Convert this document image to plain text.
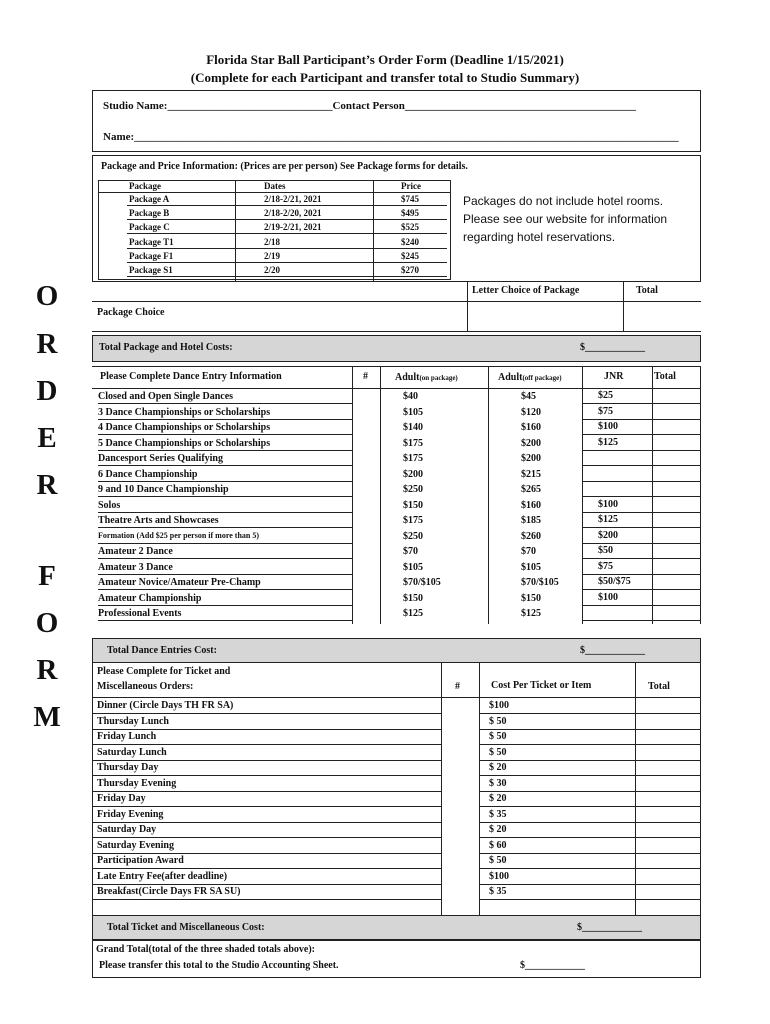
Florida Star Ball Participant’s Order Form (Deadline 1/15/2021)
(Complete for each Participant and transfer total to Studio Summary)
O
R
D
E
R
F
O
R
M
Studio Name:______________________________Contact Person__________________________________________
Name:___________________________________________________________________________________________________
Package and Price Information: (Prices are per person) See Package forms for details.
Package	Dates	Price
Package A	2/18-2/21, 2021	$745
Package B	2/18-2/20, 2021	$495
Package C	2/19-2/21, 2021	$525
Package T1	2/18	$240
Package F1	2/19	$245
Package S1	2/20	$270
Packages do not include hotel rooms. Please see our website for information regarding hotel reservations.
Letter Choice of Package	Total
Package Choice
Total Package and Hotel Costs:	$____________
Please Complete Dance Entry Information	#	Adult(on package)	Adult(off package)	JNR	Total
Closed and Open Single Dances	$40	$45	$25
3 Dance Championships or Scholarships	$105	$120	$75
4 Dance Championships or Scholarships	$140	$160	$100
5 Dance Championships or Scholarships	$175	$200	$125
Dancesport Series Qualifying	$175	$200
6 Dance Championship	$200	$215
9 and 10 Dance Championship	$250	$265
Solos	$150	$160	$100
Theatre Arts and Showcases	$175	$185	$125
Formation (Add $25 per person if more than 5)	$250	$260	$200
Amateur 2 Dance	$70	$70	$50
Amateur 3 Dance	$105	$105	$75
Amateur Novice/Amateur Pre-Champ	$70/$105	$70/$105	$50/$75
Amateur Championship	$150	$150	$100
Professional Events	$125	$125
Total Dance Entries Cost:	$____________
Please Complete for Ticket and
Miscellaneous Orders:	#	Cost Per Ticket or Item	Total
Dinner (Circle Days TH FR SA)	$100
Thursday Lunch	$ 50
Friday Lunch	$ 50
Saturday Lunch	$ 50
Thursday Day	$ 20
Thursday Evening	$ 30
Friday Day	$ 20
Friday Evening	$ 35
Saturday Day	$ 20
Saturday Evening	$ 60
Participation Award	$ 50
Late Entry Fee(after deadline)	$100
Breakfast(Circle Days FR SA SU)	$ 35
Total Ticket and Miscellaneous Cost:	$____________
Grand Total(total of the three shaded totals above):
Please transfer this total to the Studio Accounting Sheet.	$____________
